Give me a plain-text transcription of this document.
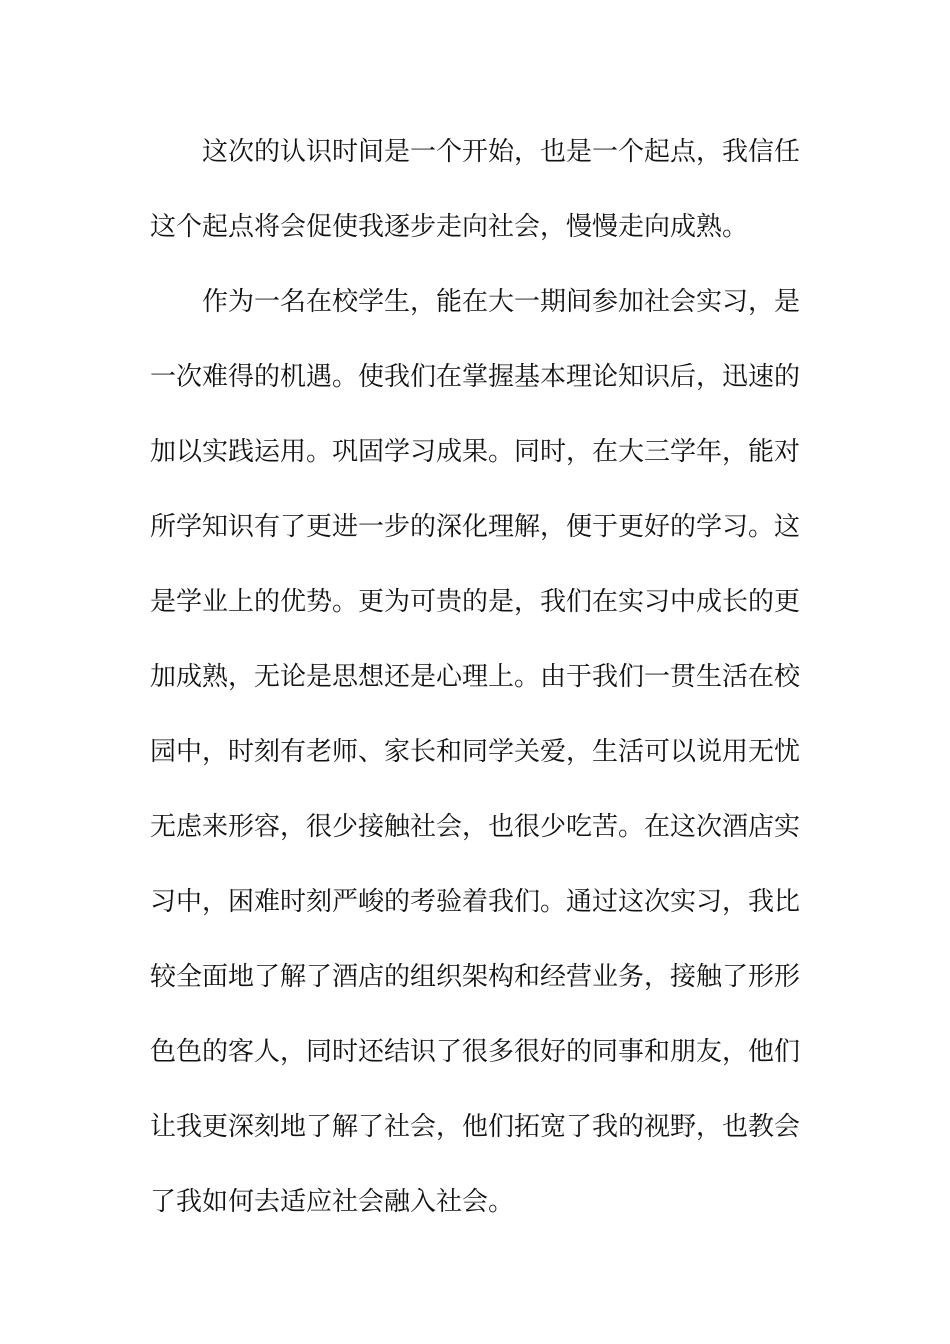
这次的认识时间是一个开始，也是一个起点，我信任
这个起点将会促使我逐步走向社会，慢慢走向成熟。
作为一名在校学生，能在大一期间参加社会实习，是
一次难得的机遇。使我们在掌握基本理论知识后，迅速的
加以实践运用。巩固学习成果。同时，在大三学年，能对
所学知识有了更进一步的深化理解，便于更好的学习。这
是学业上的优势。更为可贵的是，我们在实习中成长的更
加成熟，无论是思想还是心理上。由于我们一贯生活在校
园中，时刻有老师、家长和同学关爱，生活可以说用无忧
无虑来形容，很少接触社会，也很少吃苦。在这次酒店实
习中，困难时刻严峻的考验着我们。通过这次实习，我比
较全面地了解了酒店的组织架构和经营业务，接触了形形
色色的客人，同时还结识了很多很好的同事和朋友，他们
让我更深刻地了解了社会，他们拓宽了我的视野，也教会
了我如何去适应社会融入社会。
